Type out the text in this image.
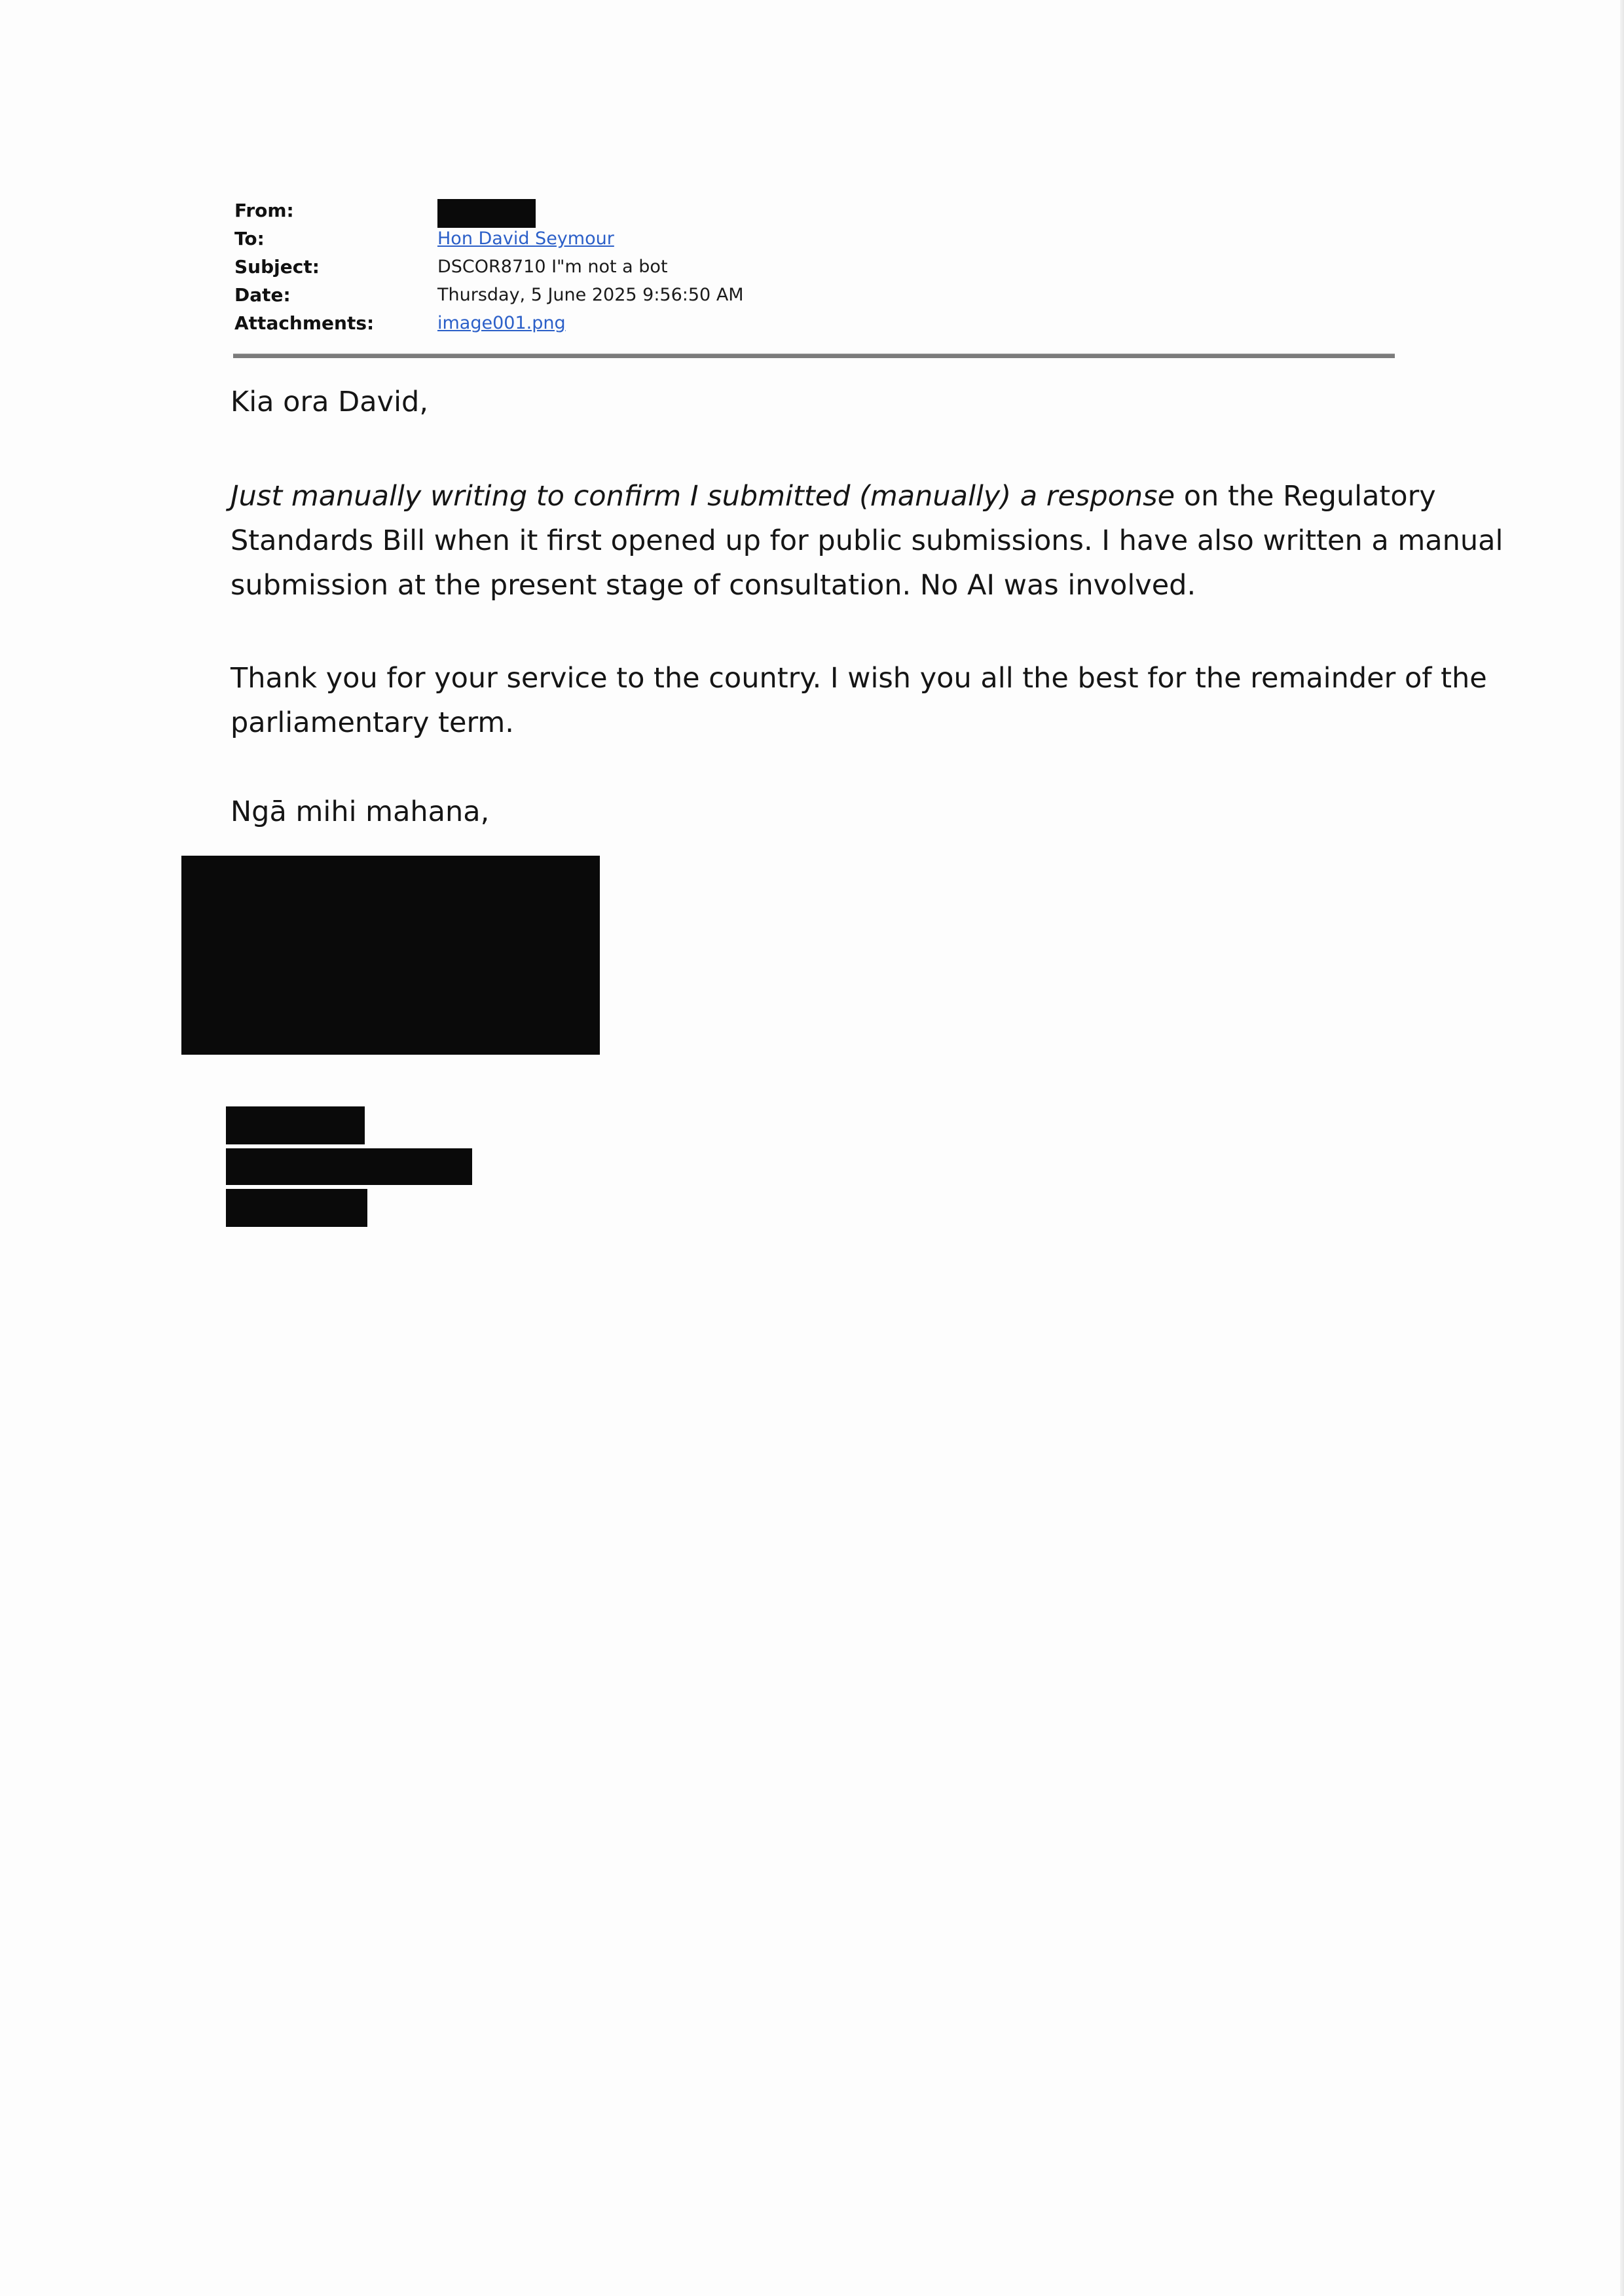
From:
To:	Hon David Seymour
Subject:	DSCOR8710 I"m not a bot
Date:	Thursday, 5 June 2025 9:56:50 AM
Attachments:	image001.png
Kia ora David,
Just manually writing to confirm I submitted (manually) a response on the Regulatory
Standards Bill when it first opened up for public submissions. I have also written a manual
submission at the present stage of consultation. No AI was involved.
Thank you for your service to the country. I wish you all the best for the remainder of the
parliamentary term.
Ngā mihi mahana,
